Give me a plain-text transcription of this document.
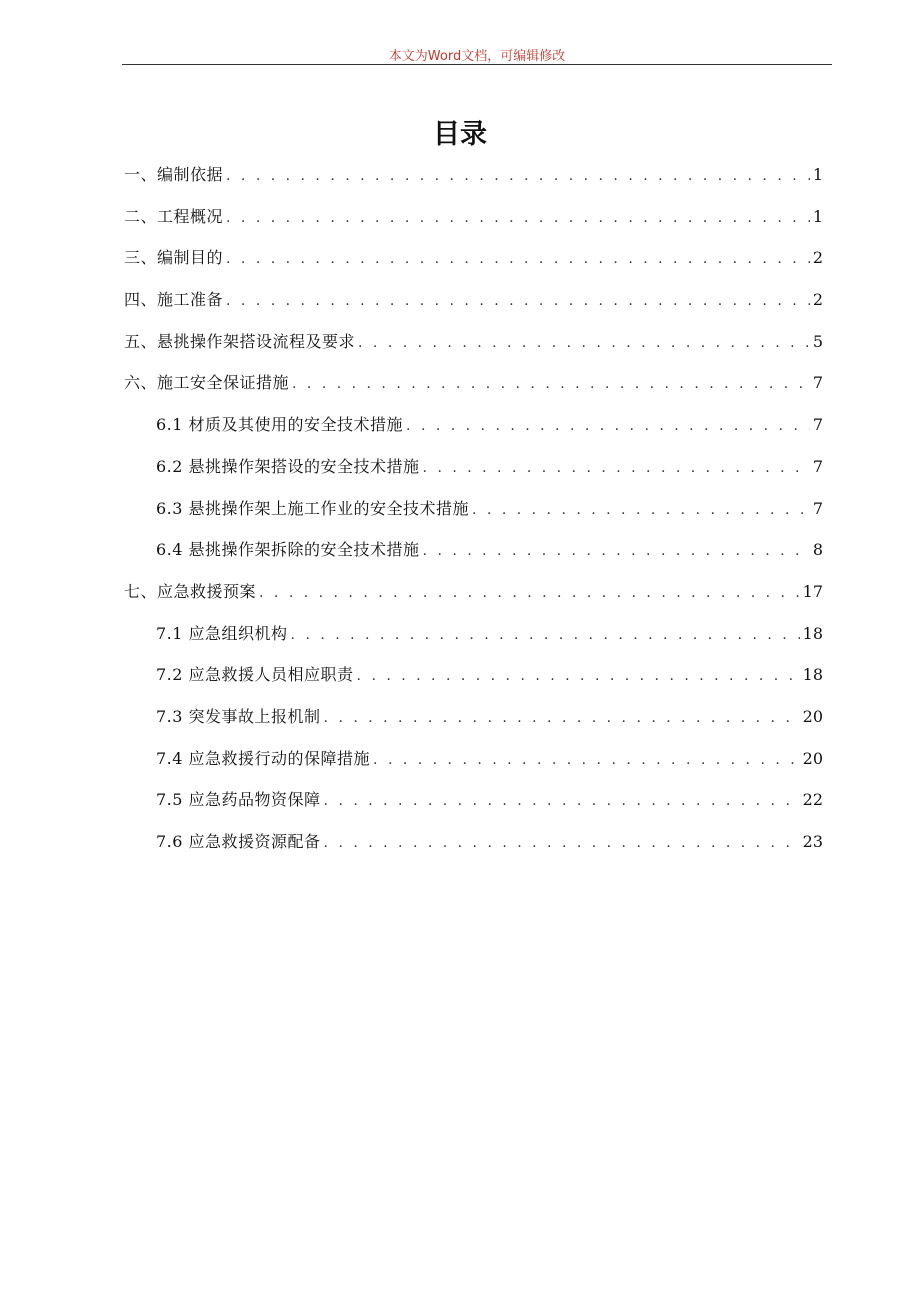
本文为Word文档，可编辑修改
目录
一、编制依据 . . .	1
二、工程概况 . . .	1
三、编制目的 . . .	2
四、施工准备 . . .	2
五、悬挑操作架搭设流程及要求 . . .	5
六、施工安全保证措施 . . .	7
6.1 材质及其使用的安全技术措施 . . .	7
6.2 悬挑操作架搭设的安全技术措施 . . .	7
6.3 悬挑操作架上施工作业的安全技术措施 . . .	7
6.4 悬挑操作架拆除的安全技术措施 . . .	8
七、应急救援预案 . . .	17
7.1 应急组织机构 . . .	18
7.2 应急救援人员相应职责 . . .	18
7.3 突发事故上报机制 . . .	20
7.4 应急救援行动的保障措施 . . .	20
7.5 应急药品物资保障 . . .	22
7.6 应急救援资源配备 . . .	23
